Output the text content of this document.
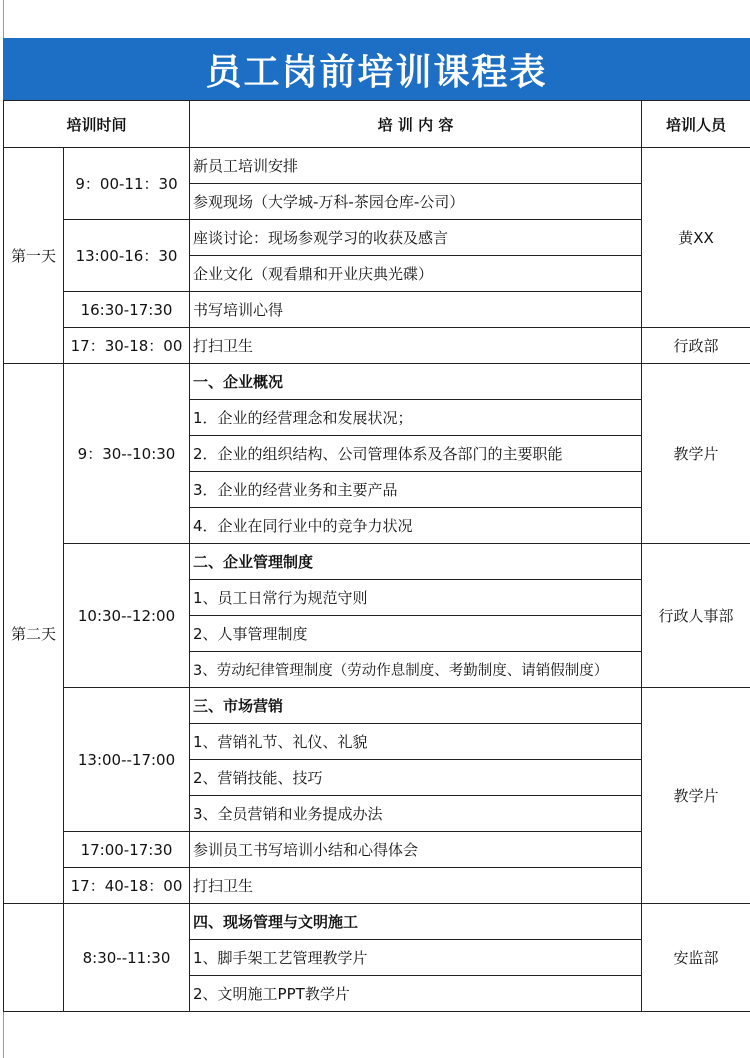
员工岗前培训课程表
培训时间		培 训 内 容	培训人员
第一天	9：00-11：30	新员工培训安排	黄XX
		参观现场（大学城-万科-茶园仓库-公司）	
	13:00-16：30	座谈讨论：现场参观学习的收获及感言	
		企业文化（观看鼎和开业庆典光碟）	
	16:30-17:30	书写培训心得	
	17：30-18：00	打扫卫生	行政部
第二天	9：30--10:30	一、企业概况	教学片
		1．企业的经营理念和发展状况；	
		2．企业的组织结构、公司管理体系及各部门的主要职能	
		3．企业的经营业务和主要产品	
		4．企业在同行业中的竞争力状况	
	10:30--12:00	二、企业管理制度	行政人事部
		1、员工日常行为规范守则	
		2、人事管理制度	
		3、劳动纪律管理制度（劳动作息制度、考勤制度、请销假制度）	
	13:00--17:00	三、市场营销	教学片
		1、营销礼节、礼仪、礼貌	
		2、营销技能、技巧	
		3、全员营销和业务提成办法	
	17:00-17:30	参训员工书写培训小结和心得体会	
	17：40-18：00	打扫卫生	
	8:30--11:30	四、现场管理与文明施工	安监部
		1、脚手架工艺管理教学片	
		2、文明施工PPT教学片	
